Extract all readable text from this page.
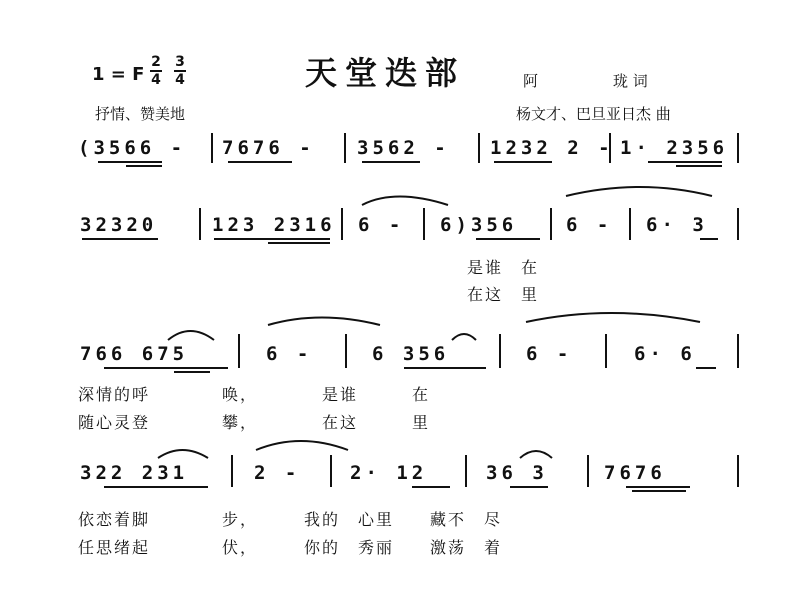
天堂迭部
1 = F
2
4
3
4
抒情、赞美地
阿　　　　　珑 词
杨文才、巴旦亚日杰 曲
(3566 - 7676 - 3562 - 1232 2 - 1· 2356
32320	123 2316 6 - 6)356	6 - 6· 3
是谁　在
在这　里
766 675	6 -	6 356	6 -	6· 6
深情的呼　　　　唤，　　　　是谁　　　在
随心灵登　　　　攀，　　　　在这　　　里
322 231	2 -	2· 12	36 3	7676
依恋着脚　　　　步，　　　我的　心里　　藏不　尽
任思绪起　　　　伏，　　　你的　秀丽　　激荡　着
